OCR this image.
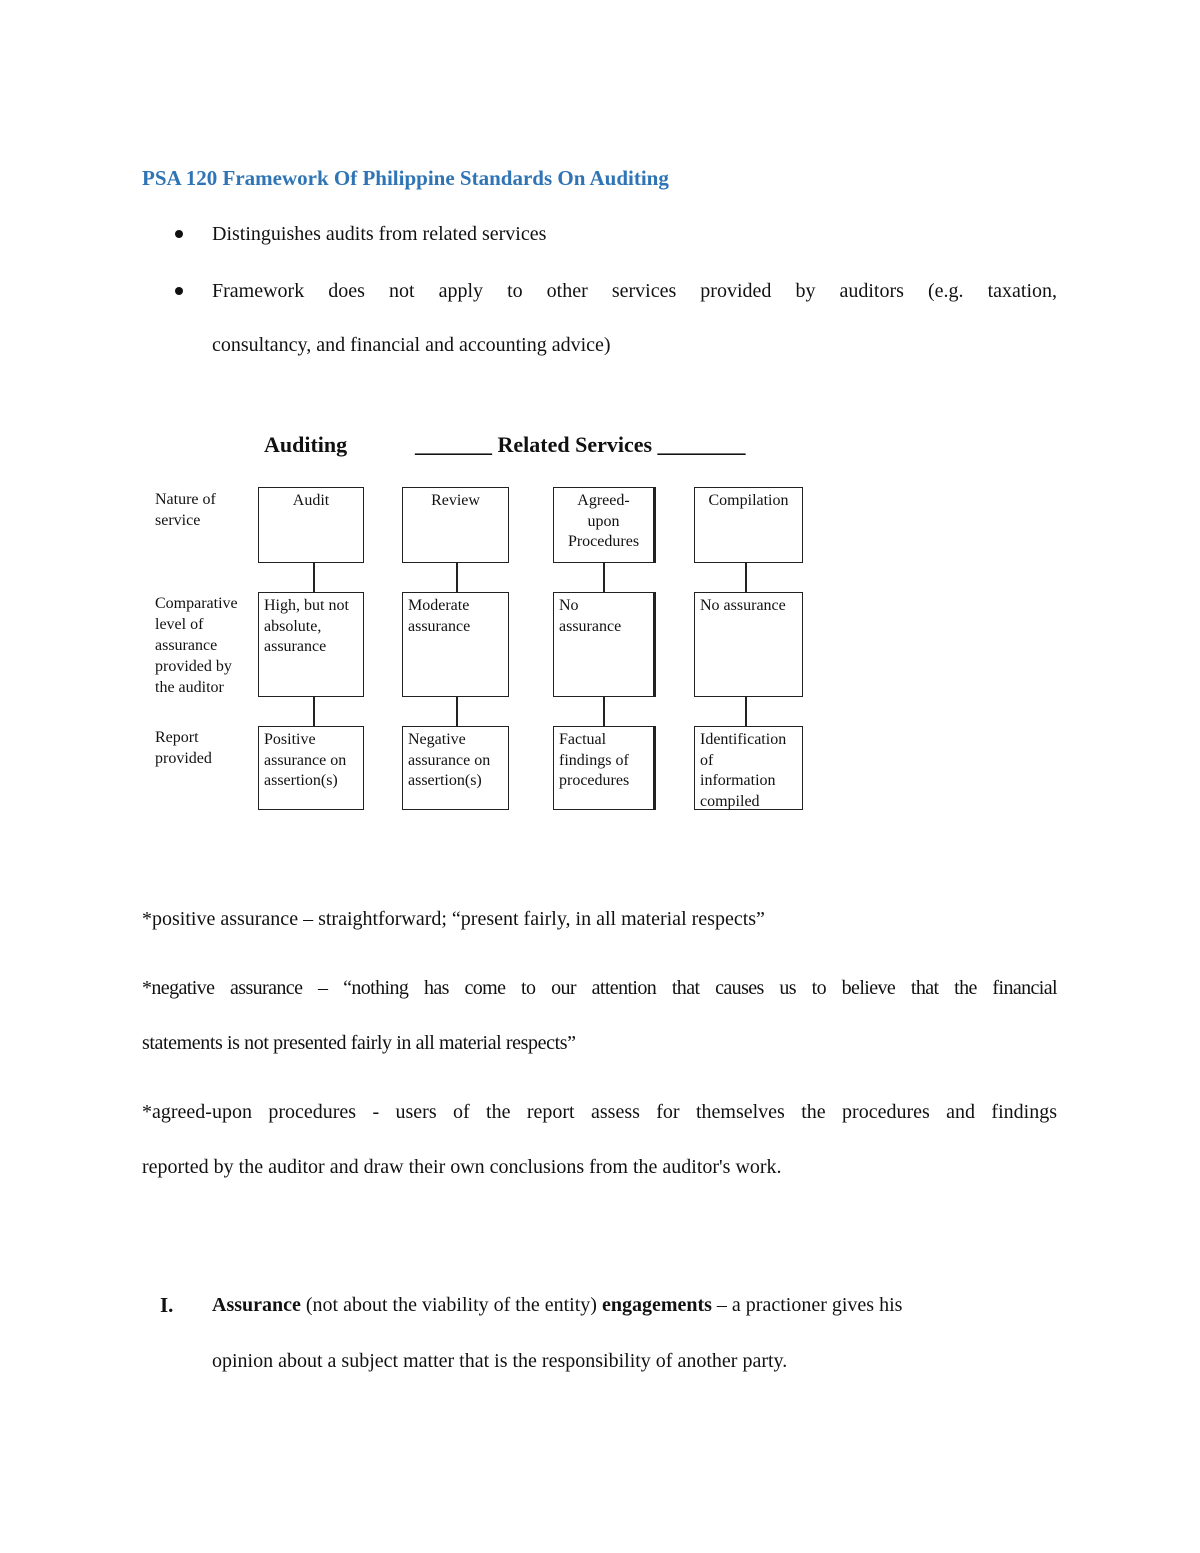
PSA 120 Framework Of Philippine Standards On Auditing
Distinguishes audits from related services
Framework does not apply to other services provided by auditors (e.g. taxation,
consultancy, and financial and accounting advice)
Auditing	_______ Related Services ________
Nature of service
Comparative level of assurance provided by the auditor
Report provided
Audit
High, but not absolute, assurance
Positive assurance on assertion(s)
Review
Moderate assurance
Negative assurance on assertion(s)
Agreed-upon Procedures
No assurance
Factual findings of procedures
Compilation
No assurance
Identification of information compiled
*positive assurance – straightforward; “present fairly, in all material respects”
*negative assurance – “nothing has come to our attention that causes us to believe that the financial
statements is not presented fairly in all material respects”
*agreed-upon procedures - users of the report assess for themselves the procedures and findings
reported by the auditor and draw their own conclusions from the auditor's work.
I. Assurance (not about the viability of the entity) engagements – a practioner gives his
opinion about a subject matter that is the responsibility of another party.
